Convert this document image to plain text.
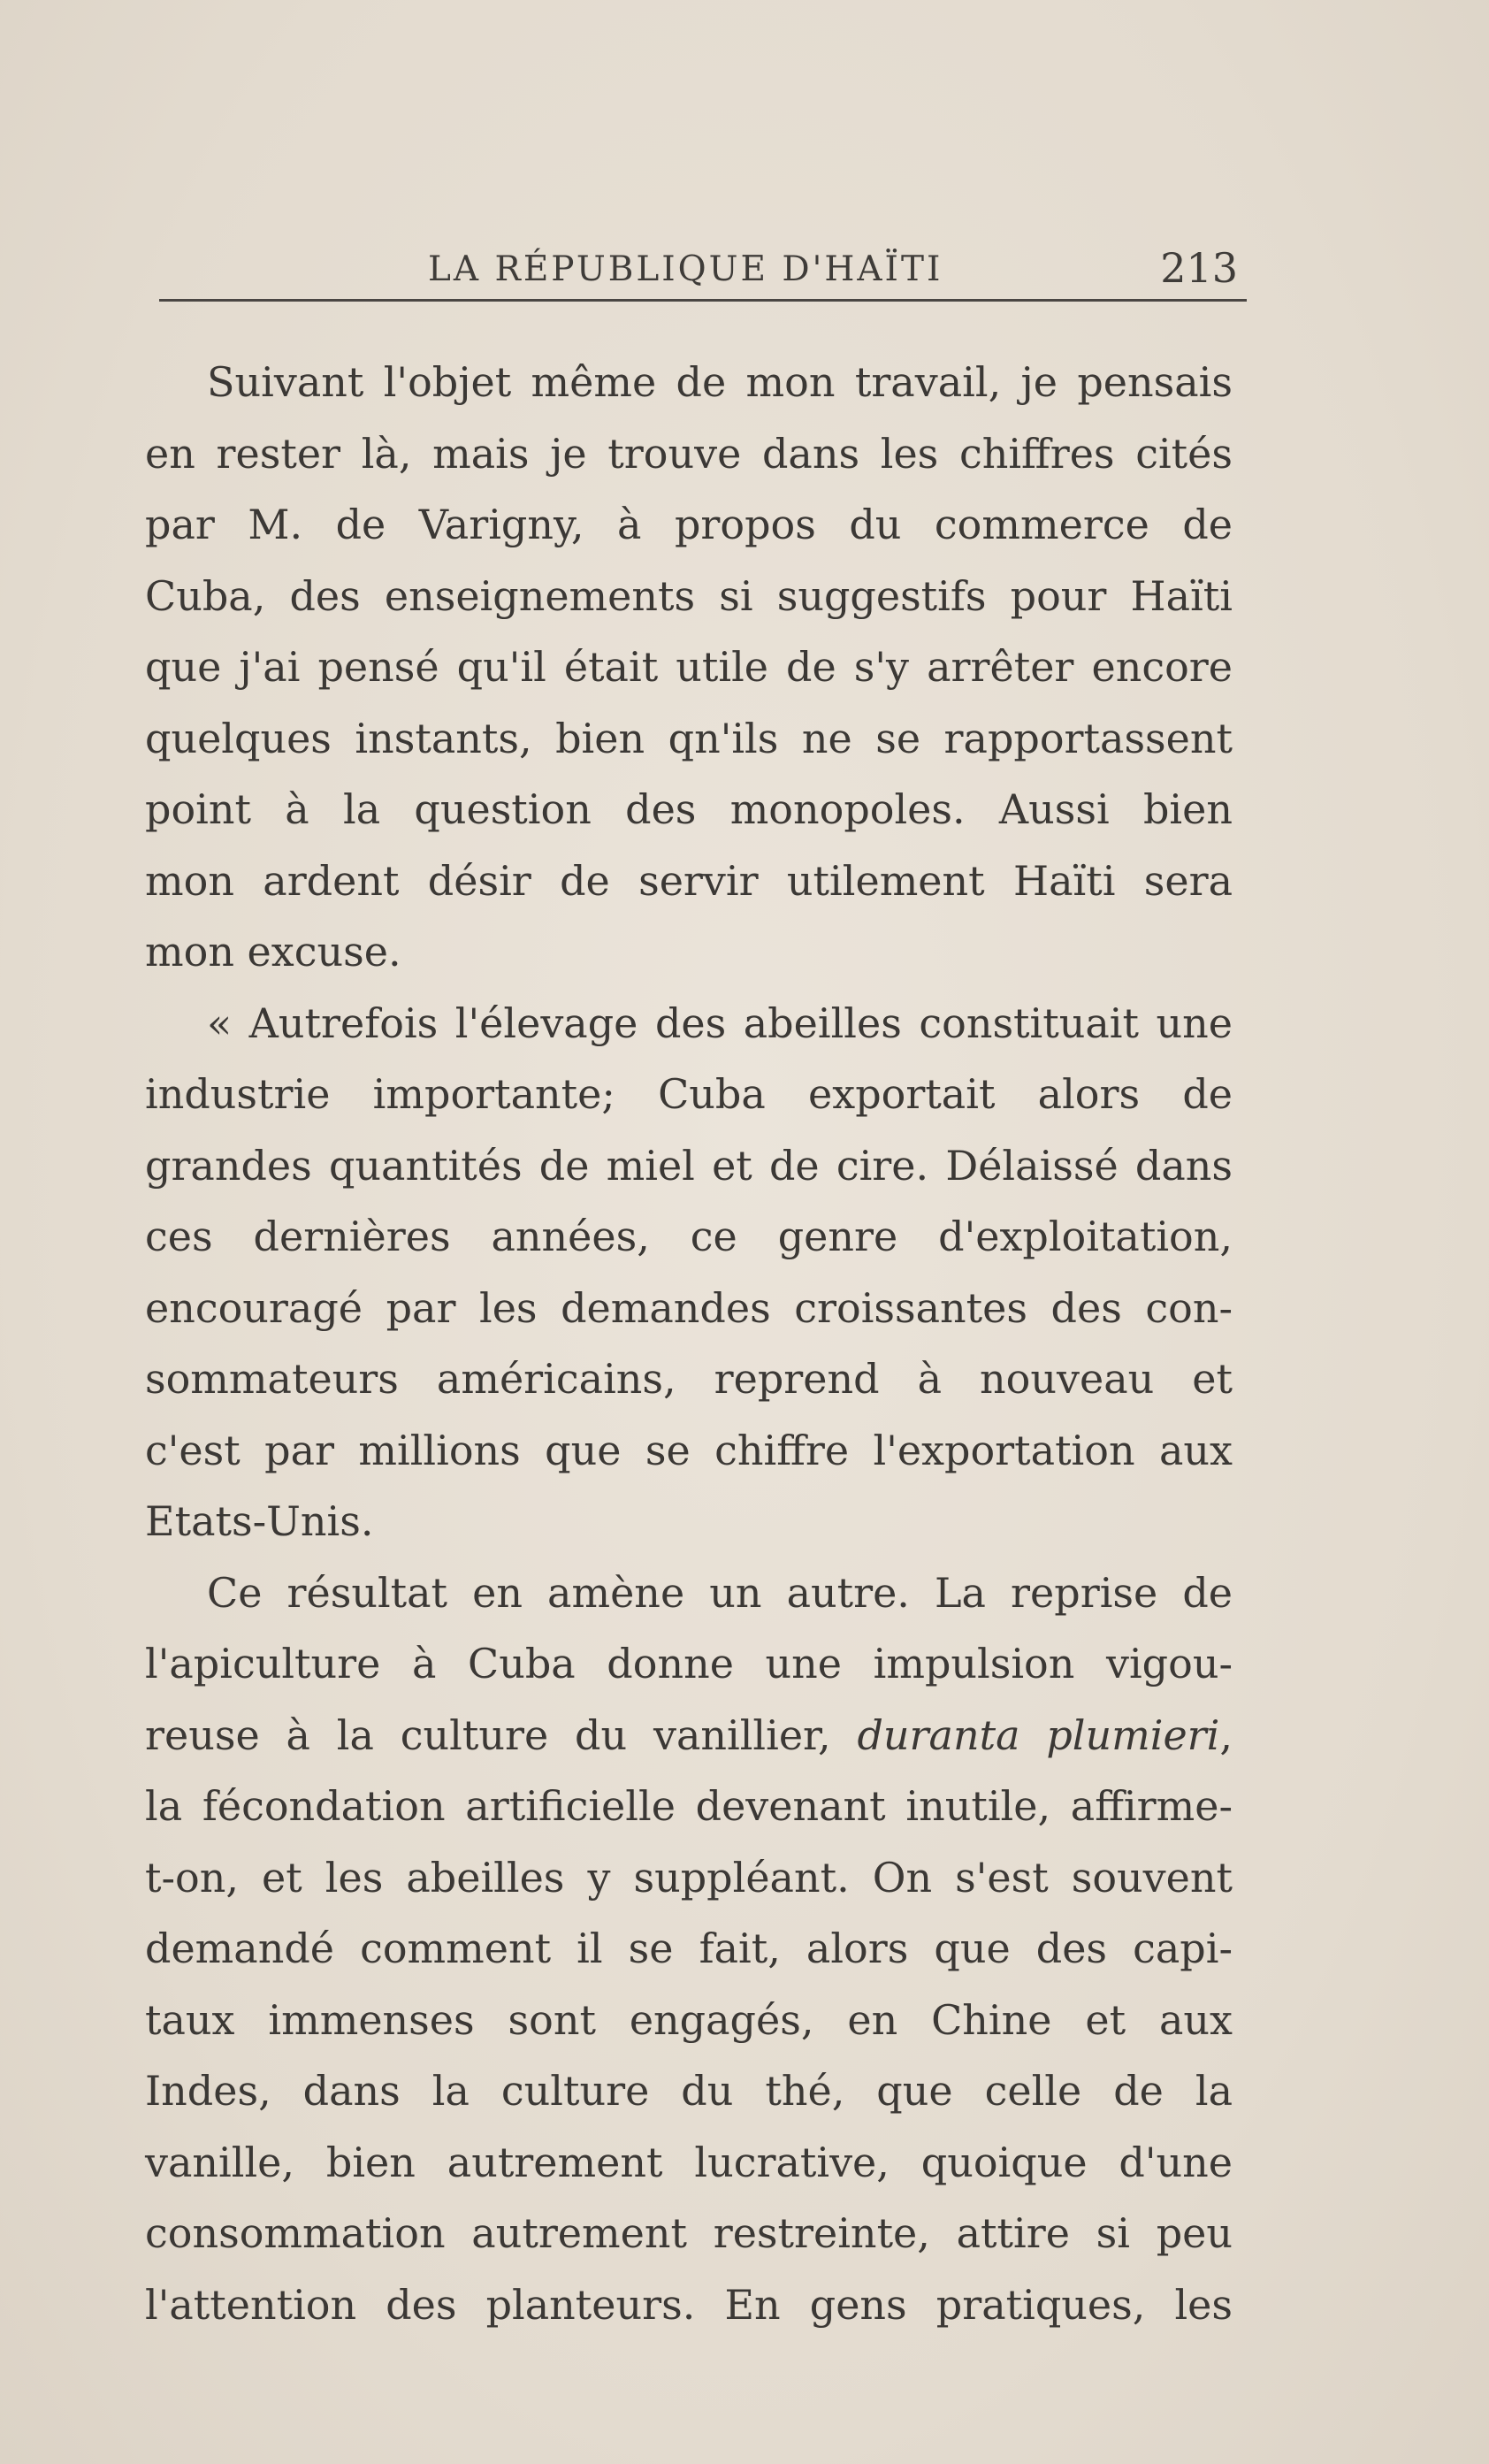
LA RÉPUBLIQUE D'HAÏTI	213
Suivant l'objet même de mon travail, je pensais
en rester là, mais je trouve dans les chiffres cités
par M. de Varigny, à propos du commerce de
Cuba, des enseignements si suggestifs pour Haïti
que j'ai pensé qu'il était utile de s'y arrêter encore
quelques instants, bien qn'ils ne se rapportassent
point à la question des monopoles. Aussi bien
mon ardent désir de servir utilement Haïti sera
mon excuse.
« Autrefois l'élevage des abeilles constituait une
industrie importante; Cuba exportait alors de
grandes quantités de miel et de cire. Délaissé dans
ces dernières années, ce genre d'exploitation,
encouragé par les demandes croissantes des con-
sommateurs américains, reprend à nouveau et
c'est par millions que se chiffre l'exportation aux
Etats-Unis.
Ce résultat en amène un autre. La reprise de
l'apiculture à Cuba donne une impulsion vigou-
reuse à la culture du vanillier, duranta plumieri,
la fécondation artificielle devenant inutile, affirme-
t-on, et les abeilles y suppléant. On s'est souvent
demandé comment il se fait, alors que des capi-
taux immenses sont engagés, en Chine et aux
Indes, dans la culture du thé, que celle de la
vanille, bien autrement lucrative, quoique d'une
consommation autrement restreinte, attire si peu
l'attention des planteurs. En gens pratiques, les
